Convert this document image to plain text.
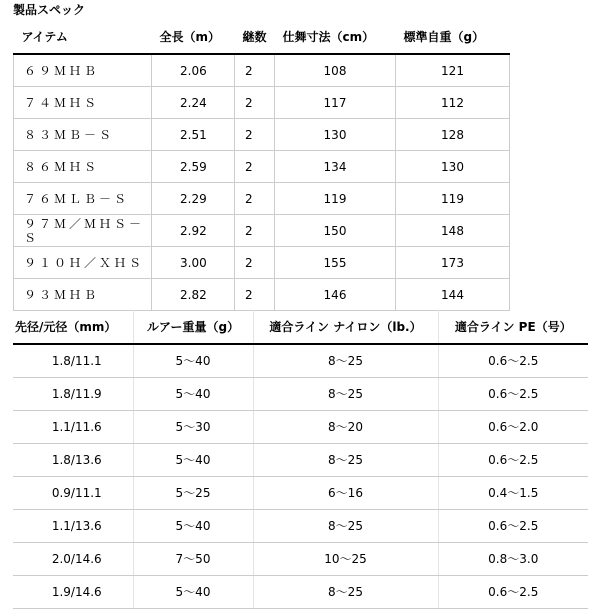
製品スペック
アイテム	全長（m）	継数	仕舞寸法（cm）	標準自重（g）
６９ＭＨＢ	2.06	2	108	121
７４ＭＨＳ	2.24	2	117	112
８３ＭＢ－Ｓ	2.51	2	130	128
８６ＭＨＳ	2.59	2	134	130
７６ＭＬＢ－Ｓ	2.29	2	119	119
９７Ｍ／ＭＨＳ－Ｓ	2.92	2	150	148
９１０Ｈ／ＸＨＳ	3.00	2	155	173
９３ＭＨＢ	2.82	2	146	144
先径/元径（mm）	ルアー重量（g）	適合ライン ナイロン（lb.）	適合ライン PE（号）
1.8/11.1	5～40	8～25	0.6～2.5
1.8/11.9	5～40	8～25	0.6～2.5
1.1/11.6	5～30	8～20	0.6～2.0
1.8/13.6	5～40	8～25	0.6～2.5
0.9/11.1	5～25	6～16	0.4～1.5
1.1/13.6	5～40	8～25	0.6～2.5
2.0/14.6	7～50	10～25	0.8～3.0
1.9/14.6	5～40	8～25	0.6～2.5
